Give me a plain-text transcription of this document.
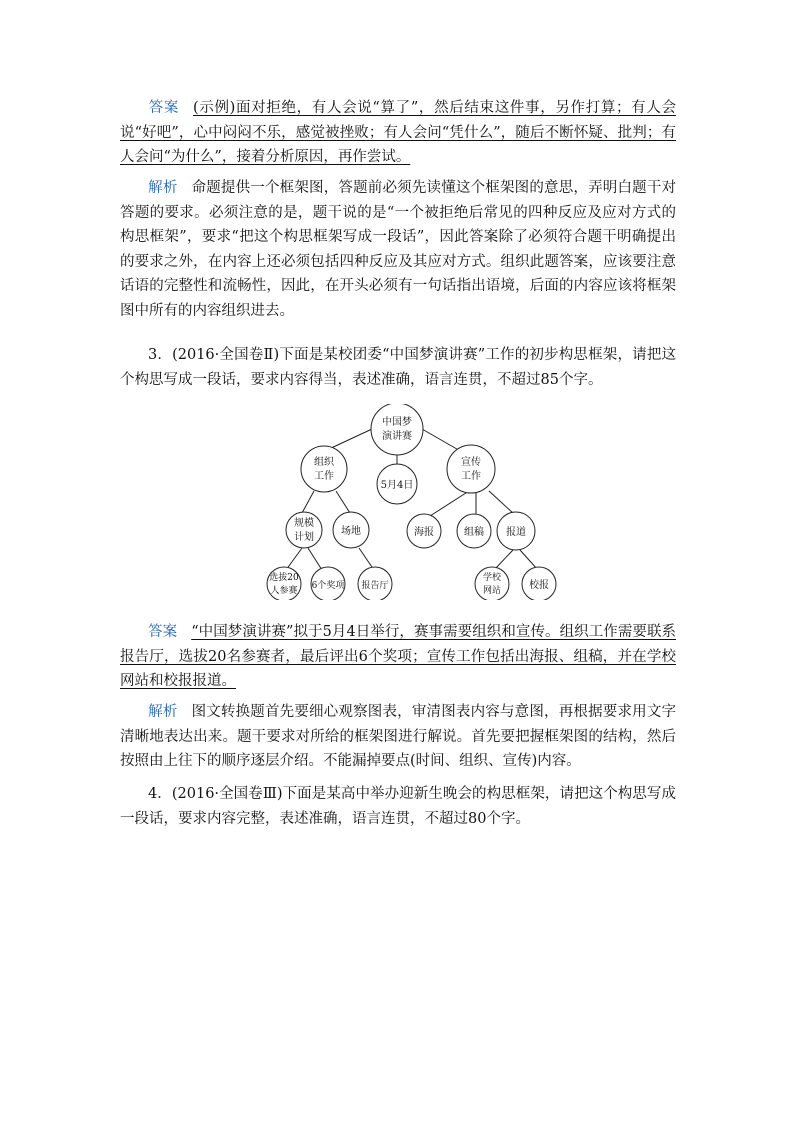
答案 (示例)面对拒绝，有人会说“算了”，然后结束这件事，另作打算；有人会说“好吧”，心中闷闷不乐，感觉被挫败；有人会问“凭什么”，随后不断怀疑、批判；有人会问“为什么”，接着分析原因，再作尝试。

解析 命题提供一个框架图，答题前必须先读懂这个框架图的意思，弄明白题干对答题的要求。必须注意的是，题干说的是“一个被拒绝后常见的四种反应及应对方式的构思框架”，要求“把这个构思框架写成一段话”，因此答案除了必须符合题干明确提出的要求之外，在内容上还必须包括四种反应及其应对方式。组织此题答案，应该要注意话语的完整性和流畅性，因此，在开头必须有一句话指出语境，后面的内容应该将框架图中所有的内容组织进去。

3．(2016·全国卷Ⅱ)下面是某校团委“中国梦演讲赛”工作的初步构思框架，请把这个构思写成一段话，要求内容得当，表述准确，语言连贯，不超过85个字。

中国梦
演讲赛
组织
工作
5月4日
宣传
工作
规模
计划
场地
选拔20
人参赛 6个奖项 报告厅
海报	组稿 报道
学校
网站	校报

答案 “中国梦演讲赛”拟于5月4日举行，赛事需要组织和宣传。组织工作需要联系报告厅，选拔20名参赛者，最后评出6个奖项；宣传工作包括出海报、组稿，并在学校网站和校报报道。

解析 图文转换题首先要细心观察图表，审清图表内容与意图，再根据要求用文字清晰地表达出来。题干要求对所给的框架图进行解说。首先要把握框架图的结构，然后按照由上往下的顺序逐层介绍。不能漏掉要点(时间、组织、宣传)内容。

4．(2016·全国卷Ⅲ)下面是某高中举办迎新生晚会的构思框架，请把这个构思写成一段话，要求内容完整，表述准确，语言连贯，不超过80个字。
